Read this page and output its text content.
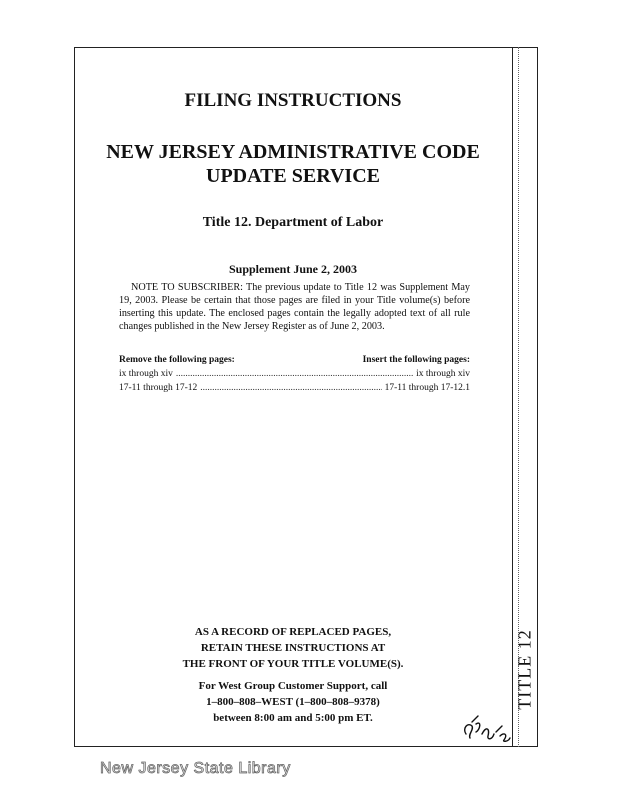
TITLE 12
FILING INSTRUCTIONS
NEW JERSEY ADMINISTRATIVE CODE
UPDATE SERVICE
Title 12. Department of Labor
Supplement June 2, 2003
NOTE TO SUBSCRIBER: The previous update to Title 12 was Supplement May 19, 2003. Please be certain that those pages are filed in your Title volume(s) before inserting this update. The enclosed pages contain the legally adopted text of all rule changes published in the New Jersey Register as of June 2, 2003.
Remove the following pages:	Insert the following pages:
ix through xiv .....	ix through xiv
17-11 through 17-12 .....	17-11 through 17-12.1
AS A RECORD OF REPLACED PAGES,
RETAIN THESE INSTRUCTIONS AT
THE FRONT OF YOUR TITLE VOLUME(S).
For West Group Customer Support, call
1–800–808–WEST (1–800–808–9378)
between 8:00 am and 5:00 pm ET.
New Jersey State Library
